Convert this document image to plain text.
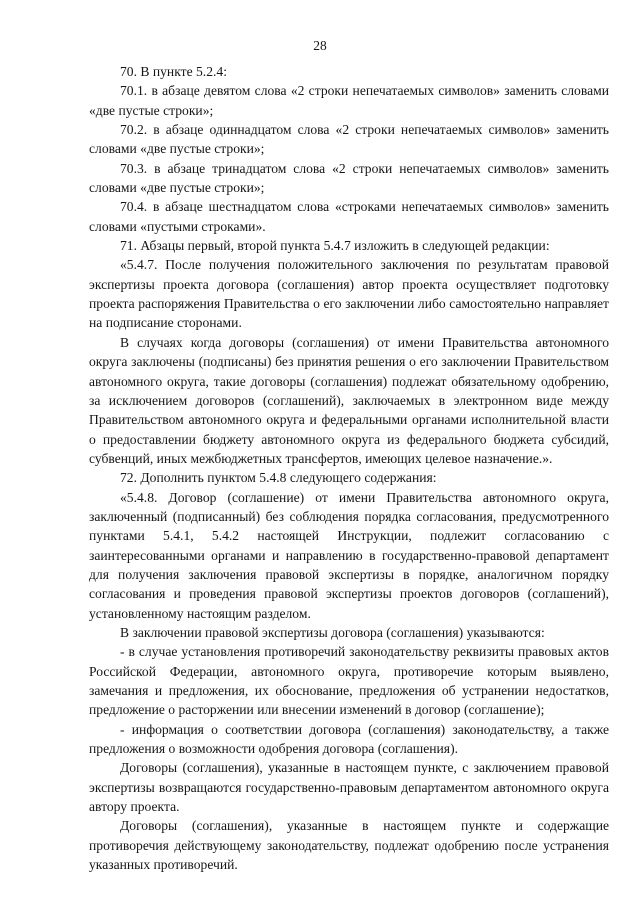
28

70. В пункте 5.2.4:

70.1. в абзаце девятом слова «2 строки непечатаемых символов» заменить словами «две пустые строки»;

70.2. в абзаце одиннадцатом слова «2 строки непечатаемых символов» заменить словами «две пустые строки»;

70.3. в абзаце тринадцатом слова «2 строки непечатаемых символов» заменить словами «две пустые строки»;

70.4. в абзаце шестнадцатом слова «строками непечатаемых символов» заменить словами «пустыми строками».

71. Абзацы первый, второй пункта 5.4.7 изложить в следующей редакции:

«5.4.7. После получения положительного заключения по результатам правовой экспертизы проекта договора (соглашения) автор проекта осуществляет подготовку проекта распоряжения Правительства о его заключении либо самостоятельно направляет на подписание сторонами.

В случаях когда договоры (соглашения) от имени Правительства автономного округа заключены (подписаны) без принятия решения о его заключении Правительством автономного округа, такие договоры (соглашения) подлежат обязательному одобрению, за исключением договоров (соглашений), заключаемых в электронном виде между Правительством автономного округа и федеральными органами исполнительной власти о предоставлении бюджету автономного округа из федерального бюджета субсидий, субвенций, иных межбюджетных трансфертов, имеющих целевое назначение.».

72. Дополнить пунктом 5.4.8 следующего содержания:

«5.4.8. Договор (соглашение) от имени Правительства автономного округа, заключенный (подписанный) без соблюдения порядка согласования, предусмотренного пунктами 5.4.1, 5.4.2 настоящей Инструкции, подлежит согласованию с заинтересованными органами и направлению в государственно-правовой департамент для получения заключения правовой экспертизы в порядке, аналогичном порядку согласования и проведения правовой экспертизы проектов договоров (соглашений), установленному настоящим разделом.

В заключении правовой экспертизы договора (соглашения) указываются:

- в случае установления противоречий законодательству реквизиты правовых актов Российской Федерации, автономного округа, противоречие которым выявлено, замечания и предложения, их обоснование, предложения об устранении недостатков, предложение о расторжении или внесении изменений в договор (соглашение);

- информация о соответствии договора (соглашения) законодательству, а также предложения о возможности одобрения договора (соглашения).

Договоры (соглашения), указанные в настоящем пункте, с заключением правовой экспертизы возвращаются государственно-правовым департаментом автономного округа автору проекта.

Договоры (соглашения), указанные в настоящем пункте и содержащие противоречия действующему законодательству, подлежат одобрению после устранения указанных противоречий.
